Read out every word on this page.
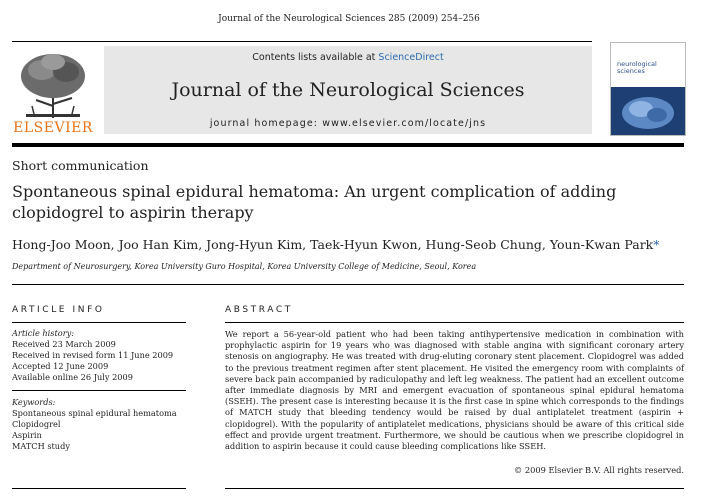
Journal of the Neurological Sciences 285 (2009) 254–256
ELSEVIER
Contents lists available at ScienceDirect
Journal of the Neurological Sciences
journal homepage: www.elsevier.com/locate/jns
neurological
sciences
Short communication
Spontaneous spinal epidural hematoma: An urgent complication of adding clopidogrel to aspirin therapy
Hong-Joo Moon, Joo Han Kim, Jong-Hyun Kim, Taek-Hyun Kwon, Hung-Seob Chung, Youn-Kwan Park*
Department of Neurosurgery, Korea University Guro Hospital, Korea University College of Medicine, Seoul, Korea
ARTICLE INFO	ABSTRACT
Article history:
Received 23 March 2009
Received in revised form 11 June 2009
Accepted 12 June 2009
Available online 26 July 2009
Keywords:
Spontaneous spinal epidural hematoma
Clopidogrel
Aspirin
MATCH study
We report a 56-year-old patient who had been taking antihypertensive medication in combination with prophylactic aspirin for 19 years who was diagnosed with stable angina with significant coronary artery stenosis on angiography. He was treated with drug-eluting coronary stent placement. Clopidogrel was added to the previous treatment regimen after stent placement. He visited the emergency room with complaints of severe back pain accompanied by radiculopathy and left leg weakness. The patient had an excellent outcome after immediate diagnosis by MRI and emergent evacuation of spontaneous spinal epidural hematoma (SSEH). The present case is interesting because it is the first case in spine which corresponds to the findings of MATCH study that bleeding tendency would be raised by dual antiplatelet treatment (aspirin + clopidogrel). With the popularity of antiplatelet medications, physicians should be aware of this critical side effect and provide urgent treatment. Furthermore, we should be cautious when we prescribe clopidogrel in addition to aspirin because it could cause bleeding complications like SSEH.
© 2009 Elsevier B.V. All rights reserved.
